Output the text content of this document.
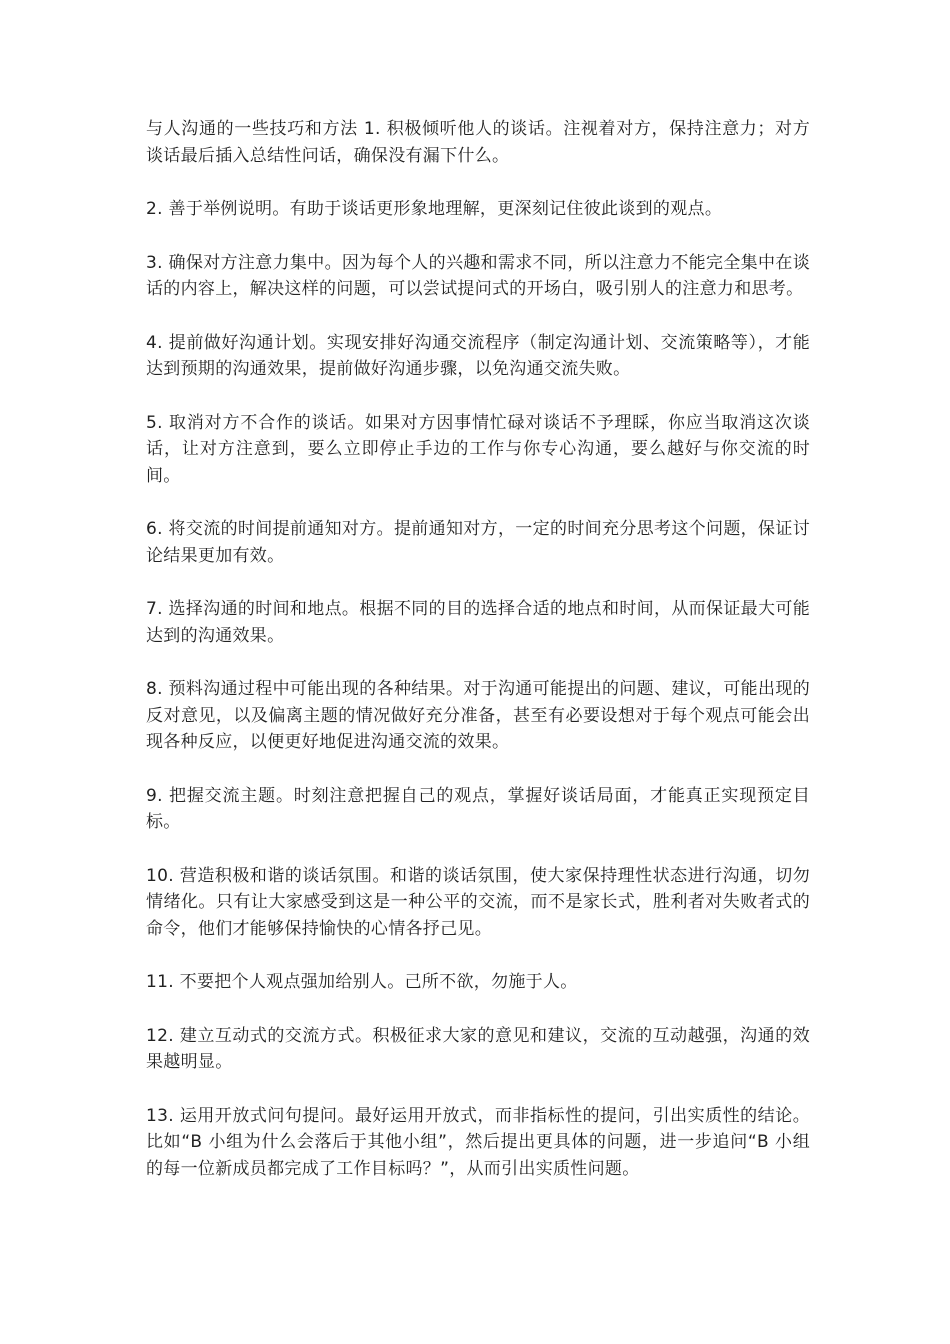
与人沟通的一些技巧和方法 1. 积极倾听他人的谈话。注视着对方，保持注意力；对方谈话最后插入总结性问话，确保没有漏下什么。

2. 善于举例说明。有助于谈话更形象地理解，更深刻记住彼此谈到的观点。

3. 确保对方注意力集中。因为每个人的兴趣和需求不同，所以注意力不能完全集中在谈话的内容上，解决这样的问题，可以尝试提问式的开场白，吸引别人的注意力和思考。

4. 提前做好沟通计划。实现安排好沟通交流程序（制定沟通计划、交流策略等），才能达到预期的沟通效果，提前做好沟通步骤，以免沟通交流失败。

5. 取消对方不合作的谈话。如果对方因事情忙碌对谈话不予理睬，你应当取消这次谈话，让对方注意到，要么立即停止手边的工作与你专心沟通，要么越好与你交流的时间。

6. 将交流的时间提前通知对方。提前通知对方，一定的时间充分思考这个问题，保证讨论结果更加有效。

7. 选择沟通的时间和地点。根据不同的目的选择合适的地点和时间，从而保证最大可能达到的沟通效果。

8. 预料沟通过程中可能出现的各种结果。对于沟通可能提出的问题、建议，可能出现的反对意见，以及偏离主题的情况做好充分准备，甚至有必要设想对于每个观点可能会出现各种反应，以便更好地促进沟通交流的效果。

9. 把握交流主题。时刻注意把握自己的观点，掌握好谈话局面，才能真正实现预定目标。

10. 营造积极和谐的谈话氛围。和谐的谈话氛围，使大家保持理性状态进行沟通，切勿情绪化。只有让大家感受到这是一种公平的交流，而不是家长式，胜利者对失败者式的命令，他们才能够保持愉快的心情各抒己见。

11. 不要把个人观点强加给别人。己所不欲，勿施于人。

12. 建立互动式的交流方式。积极征求大家的意见和建议，交流的互动越强，沟通的效果越明显。

13. 运用开放式问句提问。最好运用开放式，而非指标性的提问，引出实质性的结论。比如“B 小组为什么会落后于其他小组”，然后提出更具体的问题，进一步追问“B 小组的每一位新成员都完成了工作目标吗？”，从而引出实质性问题。
